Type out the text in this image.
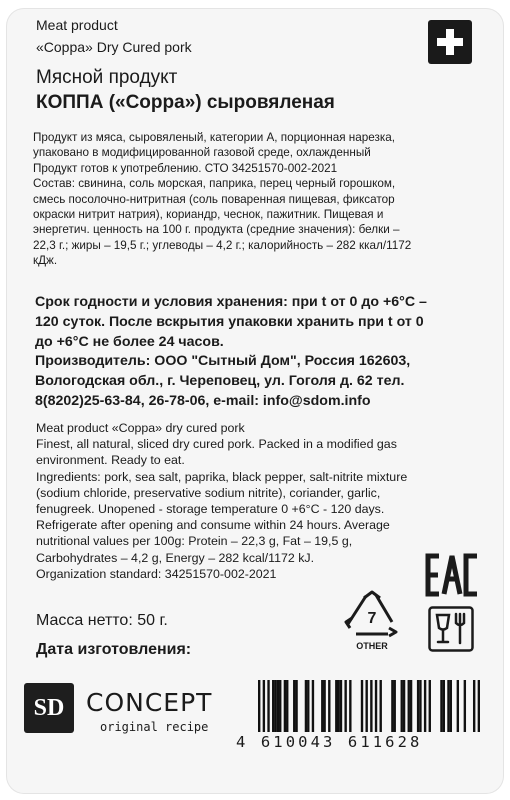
Meat product
«Coppa» Dry Cured pork
Мясной продукт
КОППА («Coppa») сыровяленая
Продукт из мяса, сыровяленый, категории А, порционная нарезка,
упаковано в модифицированной газовой среде, охлажденный
Продукт готов к употреблению. СТО 34251570-002-2021
Состав: свинина, соль морская, паприка, перец черный горошком,
смесь посолочно-нитритная (соль поваренная пищевая, фиксатор
окраски нитрит натрия), кориандр, чеснок, пажитник. Пищевая и
энергетич. ценность на 100 г. продукта (средние значения): белки –
22,3 г.; жиры – 19,5 г.; углеводы – 4,2 г.; калорийность – 282 ккал/1172
кДж.
Срок годности и условия хранения: при t от 0 до +6°С –
120 суток. После вскрытия упаковки хранить при t от 0
до +6°С не более 24 часов.
Производитель: ООО "Сытный Дом", Россия 162603,
Вологодская обл., г. Череповец, ул. Гоголя д. 62 тел.
8(8202)25-63-84, 26-78-06, e-mail: info@sdom.info
Meat product «Coppa» dry cured pork
Finest, all natural, sliced dry cured pork. Packed in a modified gas
environment. Ready to eat.
Ingredients: pork, sea salt, paprika, black pepper, salt-nitrite mixture
(sodium chloride, preservative sodium nitrite), coriander, garlic,
fenugreek. Unopened - storage temperature 0 +6°C - 120 days.
Refrigerate after opening and consume within 24 hours. Average
nutritional values per 100g: Protein – 22,3 g, Fat – 19,5 g,
Carbohydrates – 4,2 g, Energy – 282 kcal/1172 kJ.
Organization standard: 34251570-002-2021
Масса нетто: 50 г.
Дата изготовления:
7
OTHER
SD CONCEPT
original recipe
4 610043 611628
